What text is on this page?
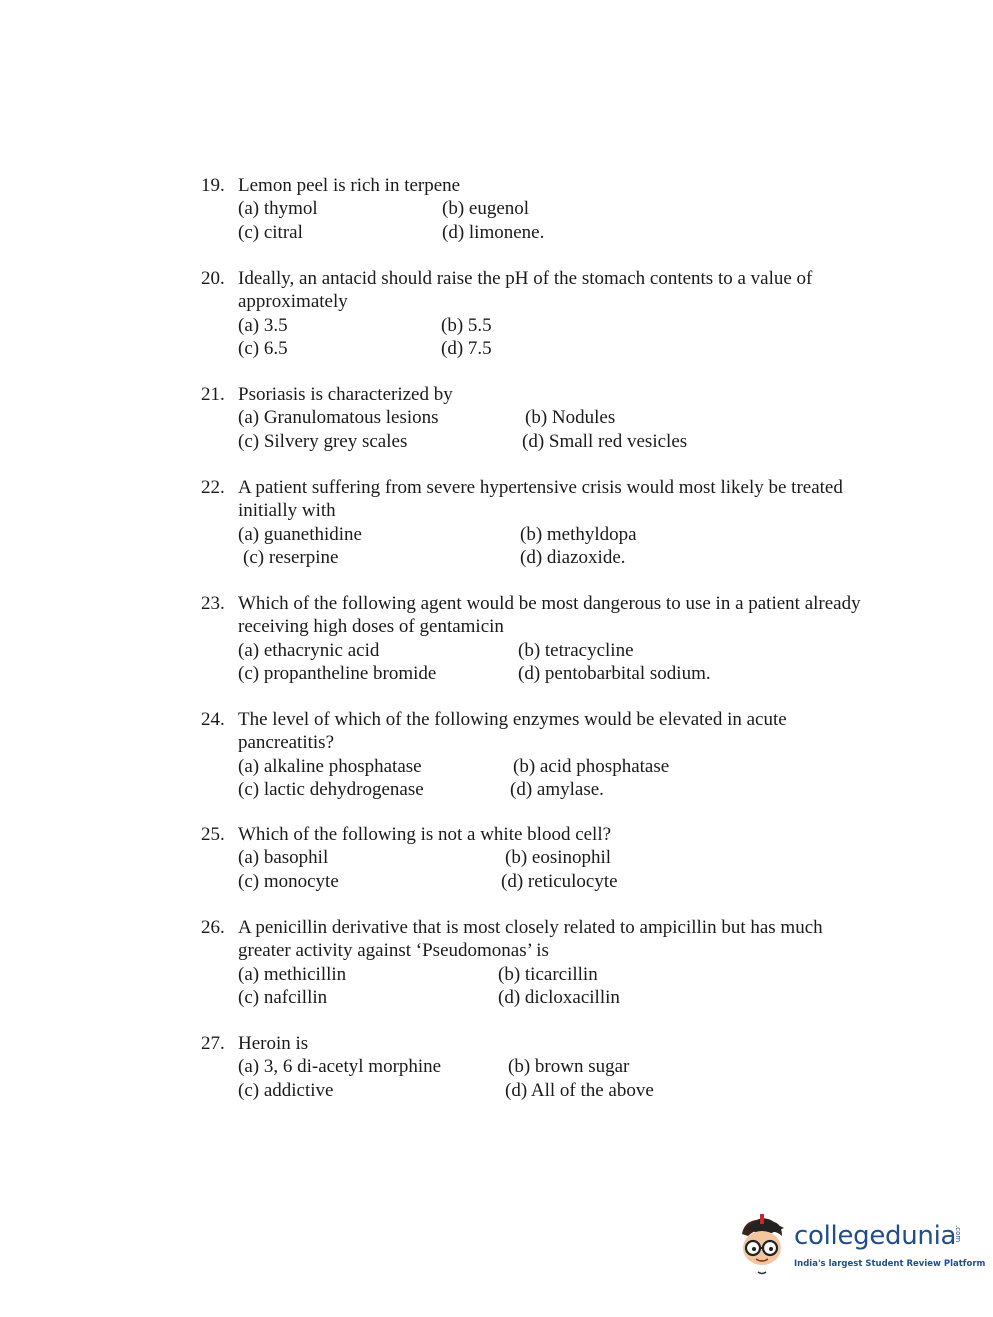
19. Lemon peel is rich in terpene
(a) thymol	(b) eugenol
(c) citral	(d) limonene.
20. Ideally, an antacid should raise the pH of the stomach contents to a value of approximately
(a) 3.5	(b) 5.5
(c) 6.5	(d) 7.5
21. Psoriasis is characterized by
(a) Granulomatous lesions	(b) Nodules
(c) Silvery grey scales	(d) Small red vesicles
22. A patient suffering from severe hypertensive crisis would most likely be treated initially with
(a) guanethidine	(b) methyldopa
(c) reserpine	(d) diazoxide.
23. Which of the following agent would be most dangerous to use in a patient already receiving high doses of gentamicin
(a) ethacrynic acid	(b) tetracycline
(c) propantheline bromide	(d) pentobarbital sodium.
24. The level of which of the following enzymes would be elevated in acute pancreatitis?
(a) alkaline phosphatase	(b) acid phosphatase
(c) lactic dehydrogenase	(d) amylase.
25. Which of the following is not a white blood cell?
(a) basophil	(b) eosinophil
(c) monocyte	(d) reticulocyte
26. A penicillin derivative that is most closely related to ampicillin but has much greater activity against ‘Pseudomonas’ is
(a) methicillin	(b) ticarcillin
(c) nafcillin	(d) dicloxacillin
27. Heroin is
(a) 3, 6 di-acetyl morphine	(b) brown sugar
(c) addictive	(d) All of the above
collegedunia
.com
India's largest Student Review Platform
